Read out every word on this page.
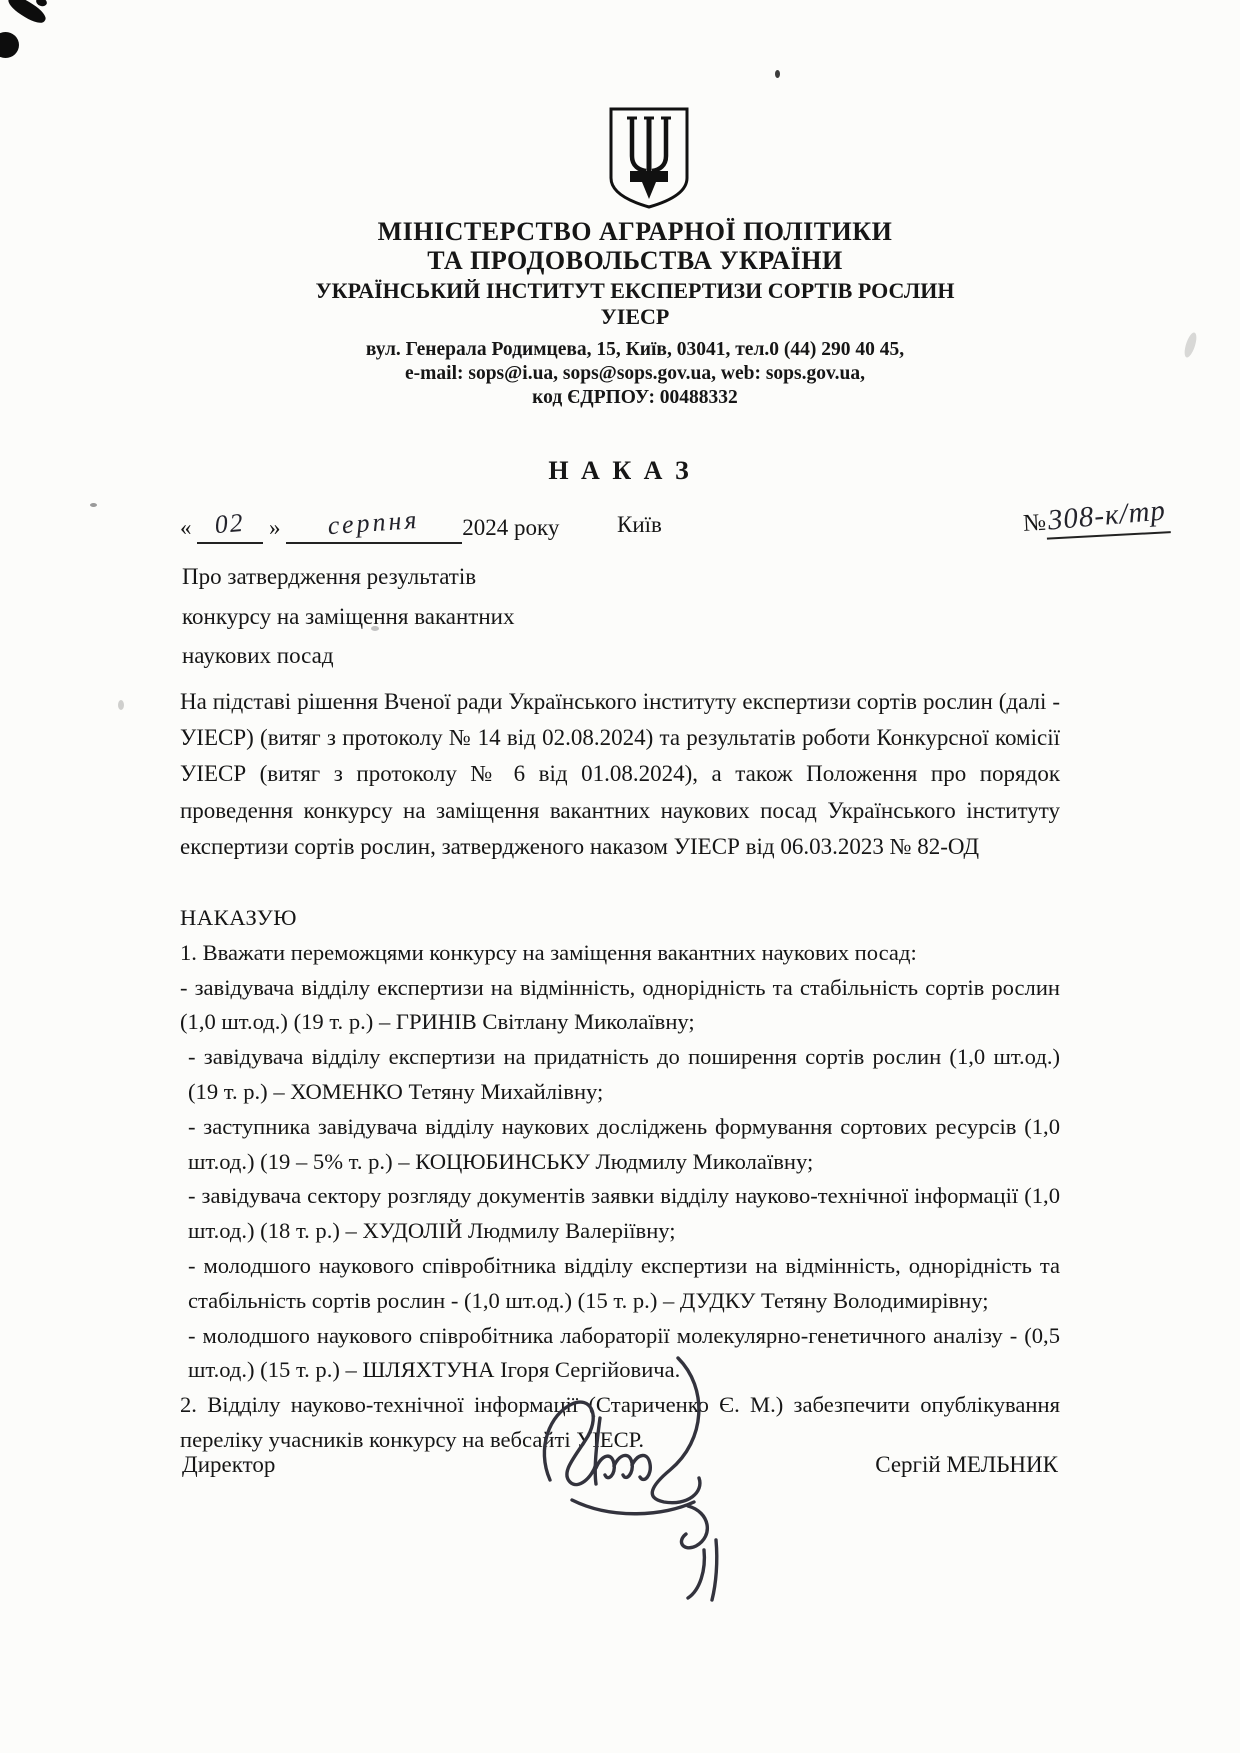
МІНІСТЕРСТВО АГРАРНОЇ ПОЛІТИКИ
ТА ПРОДОВОЛЬСТВА УКРАЇНИ
УКРАЇНСЬКИЙ ІНСТИТУТ ЕКСПЕРТИЗИ СОРТІВ РОСЛИН
УІЕСР
вул. Генерала Родимцева, 15, Київ, 03041, тел.0 (44) 290 40 45,
e-mail: sops@i.ua, sops@sops.gov.ua, web: sops.gov.ua,
код ЄДРПОУ: 00488332
Н А К А З
« 02 » серпня 2024 року	Київ	№308-к/тр
Про затвердження результатів
конкурсу на заміщення вакантних
наукових посад
На підставі рішення Вченої ради Українського інституту експертизи сортів рослин (далі - УІЕСР) (витяг з протоколу № 14 від 02.08.2024) та результатів роботи Конкурсної комісії УІЕСР (витяг з протоколу № 6 від 01.08.2024), а також Положення про порядок проведення конкурсу на заміщення вакантних наукових посад Українського інституту експертизи сортів рослин, затвердженого наказом УІЕСР від 06.03.2023 № 82-ОД

НАКАЗУЮ

1. Вважати переможцями конкурсу на заміщення вакантних наукових посад:

- завідувача відділу експертизи на відмінність, однорідність та стабільність сортів рослин (1,0 шт.од.) (19 т. р.) – ГРИНІВ Світлану Миколаївну;

- завідувача відділу експертизи на придатність до поширення сортів рослин (1,0 шт.од.) (19 т. р.) – ХОМЕНКО Тетяну Михайлівну;

- заступника завідувача відділу наукових досліджень формування сортових ресурсів (1,0 шт.од.) (19 – 5% т. р.) – КОЦЮБИНСЬКУ Людмилу Миколаївну;

- завідувача сектору розгляду документів заявки відділу науково-технічної інформації (1,0 шт.од.) (18 т. р.) – ХУДОЛІЙ Людмилу Валеріївну;

- молодшого наукового співробітника відділу експертизи на відмінність, однорідність та стабільність сортів рослин - (1,0 шт.од.) (15 т. р.) – ДУДКУ Тетяну Володимирівну;

- молодшого наукового співробітника лабораторії молекулярно-генетичного аналізу - (0,5 шт.од.) (15 т. р.) – ШЛЯХТУНА Ігоря Сергійовича.

2. Відділу науково-технічної інформації (Стариченко Є. М.) забезпечити опублікування переліку учасників конкурсу на вебсайті УІЕСР.

Директор	Сергій МЕЛЬНИК
